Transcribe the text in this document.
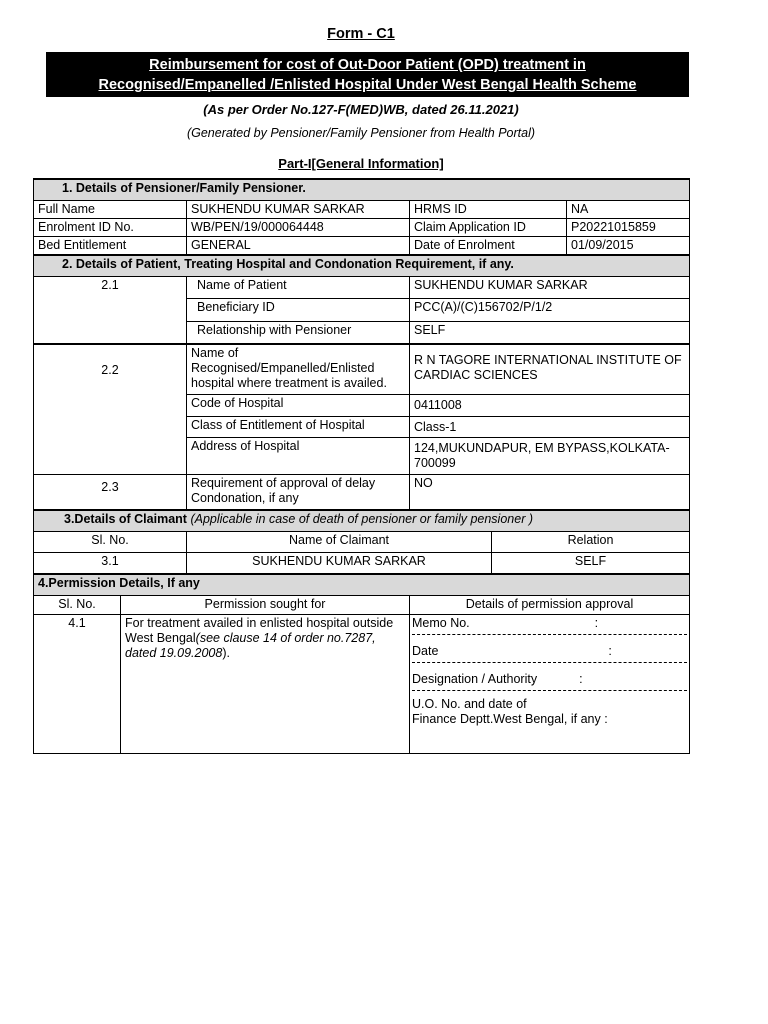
Form - C1
Reimbursement for cost of Out-Door Patient (OPD) treatment in
Recognised/Empanelled /Enlisted Hospital Under West Bengal Health Scheme
(As per Order No.127-F(MED)WB, dated 26.11.2021)
(Generated by Pensioner/Family Pensioner from Health Portal)
Part-I[General Information]
1. Details of Pensioner/Family Pensioner.					
Full Name		SUKHENDU KUMAR SARKAR	HRMS ID		NA
Enrolment ID No.		WB/PEN/19/000064448	Claim Application ID		P20221015859
Bed Entitlement		GENERAL	Date of Enrolment		01/09/2015
2. Details of Patient, Treating Hospital and Condonation Requirement, if any.					
2.1		Name of Patient	SUKHENDU KUMAR SARKAR		
		Beneficiary ID	PCC(A)/(C)156702/P/1/2		
		Relationship with Pensioner	SELF		
2.2		Name of Recognised/Empanelled/Enlisted hospital where treatment is availed.	R N TAGORE INTERNATIONAL INSTITUTE OF CARDIAC SCIENCES		
		Code of Hospital	0411008		
		Class of Entitlement of Hospital	Class-1		
		Address of Hospital	124,MUKUNDAPUR, EM BYPASS,KOLKATA-700099		
2.3		Requirement of approval of delay Condonation, if any	NO		
3.Details of Claimant (Applicable in case of death of pensioner or family pensioner )					
Sl. No.		Name of Claimant		Relation	
3.1		SUKHENDU KUMAR SARKAR		SELF	
4.Permission Details, If any					
Sl. No.	Permission sought for		Details of permission approval		
4.1	For treatment availed in enlisted hospital outside West Bengal(see clause 14 of order no.7287, dated 19.09.2008).		Memo No. :
Date :
Designation / Authority :
U.O. No. and date of
Finance Deptt.West Bengal, if any :		
